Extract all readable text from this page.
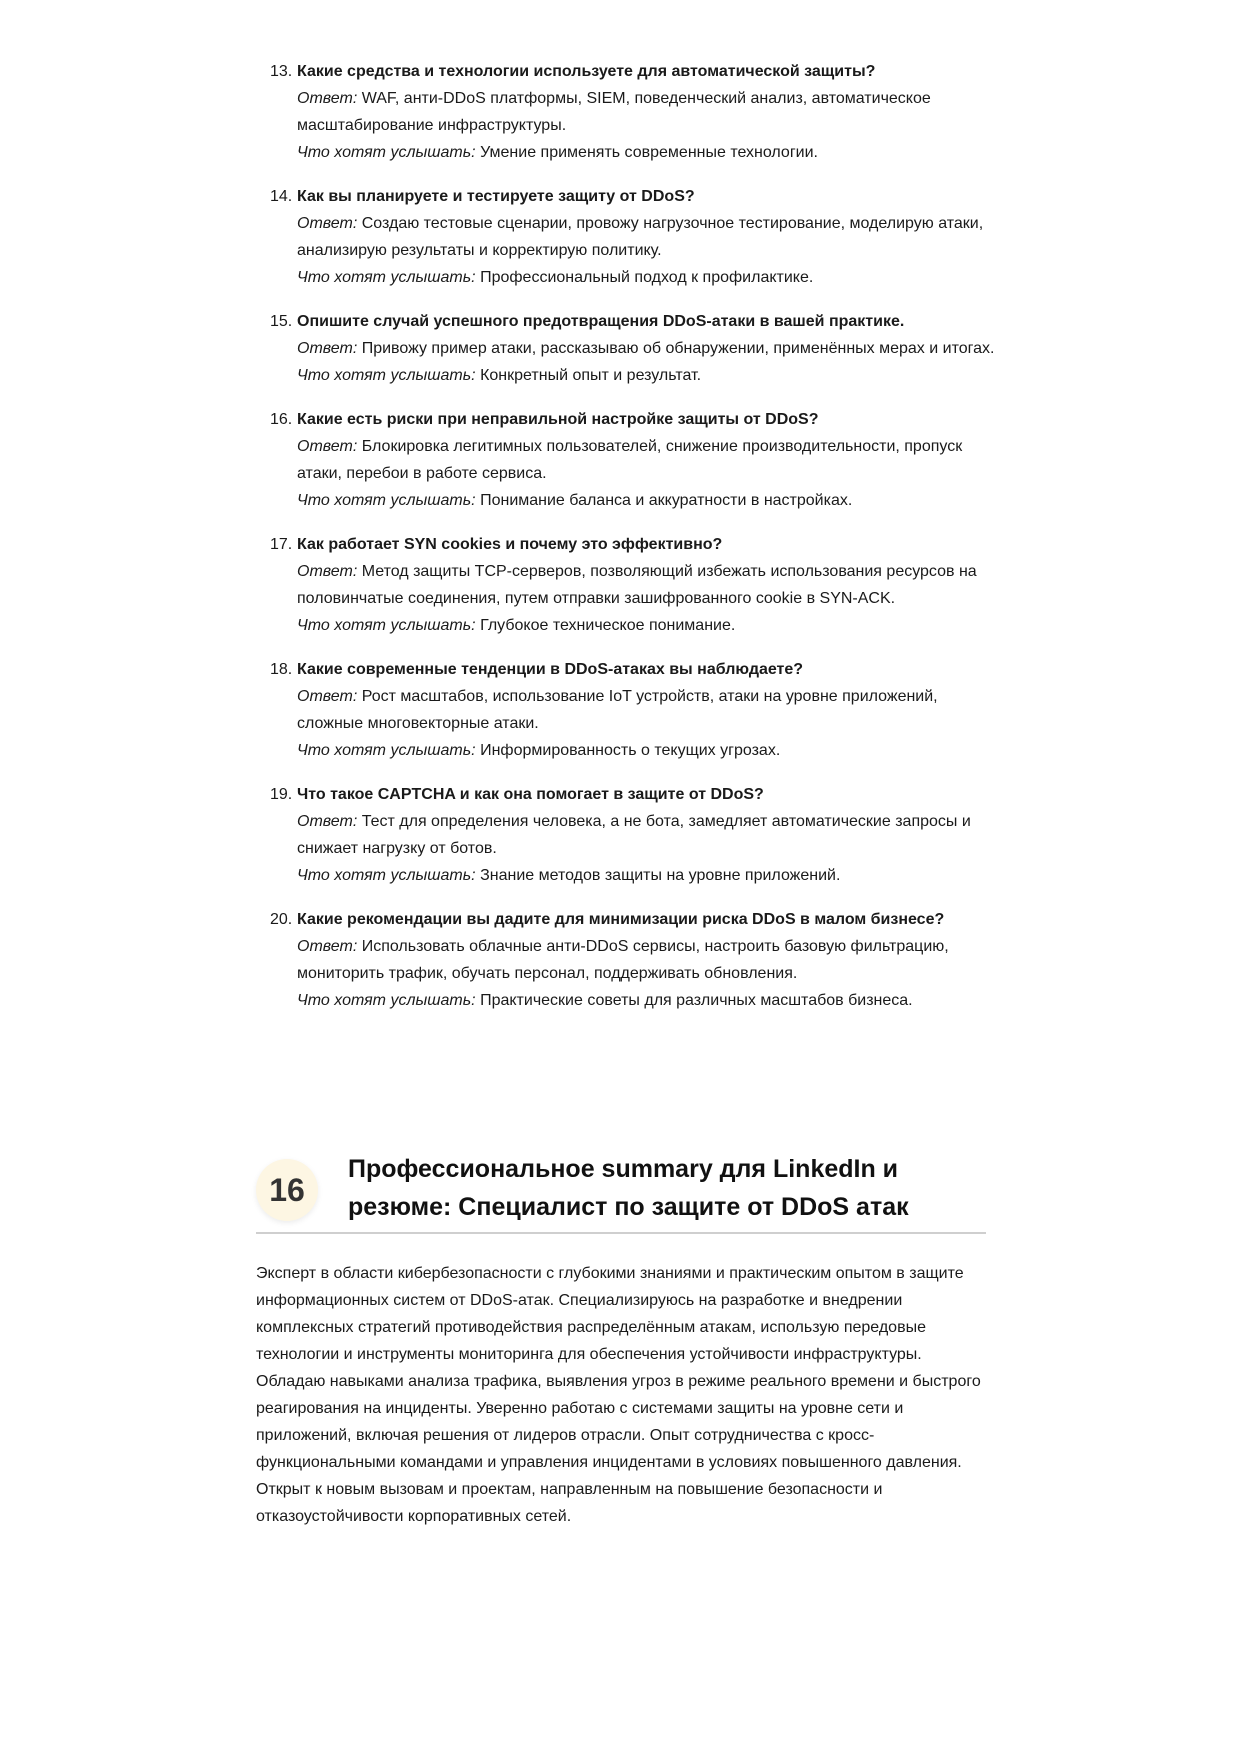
13. Какие средства и технологии используете для автоматической защиты?
Ответ: WAF, анти-DDoS платформы, SIEM, поведенческий анализ, автоматическое масштабирование инфраструктуры.
Что хотят услышать: Умение применять современные технологии.
14. Как вы планируете и тестируете защиту от DDoS?
Ответ: Создаю тестовые сценарии, провожу нагрузочное тестирование, моделирую атаки, анализирую результаты и корректирую политику.
Что хотят услышать: Профессиональный подход к профилактике.
15. Опишите случай успешного предотвращения DDoS-атаки в вашей практике.
Ответ: Привожу пример атаки, рассказываю об обнаружении, применённых мерах и итогах.
Что хотят услышать: Конкретный опыт и результат.
16. Какие есть риски при неправильной настройке защиты от DDoS?
Ответ: Блокировка легитимных пользователей, снижение производительности, пропуск атаки, перебои в работе сервиса.
Что хотят услышать: Понимание баланса и аккуратности в настройках.
17. Как работает SYN cookies и почему это эффективно?
Ответ: Метод защиты TCP-серверов, позволяющий избежать использования ресурсов на половинчатые соединения, путем отправки зашифрованного cookie в SYN-ACK.
Что хотят услышать: Глубокое техническое понимание.
18. Какие современные тенденции в DDoS-атаках вы наблюдаете?
Ответ: Рост масштабов, использование IoT устройств, атаки на уровне приложений, сложные многовекторные атаки.
Что хотят услышать: Информированность о текущих угрозах.
19. Что такое CAPTCHA и как она помогает в защите от DDoS?
Ответ: Тест для определения человека, а не бота, замедляет автоматические запросы и снижает нагрузку от ботов.
Что хотят услышать: Знание методов защиты на уровне приложений.
20. Какие рекомендации вы дадите для минимизации риска DDoS в малом бизнесе?
Ответ: Использовать облачные анти-DDoS сервисы, настроить базовую фильтрацию, мониторить трафик, обучать персонал, поддерживать обновления.
Что хотят услышать: Практические советы для различных масштабов бизнеса.
16
Профессиональное summary для LinkedIn и резюме: Специалист по защите от DDoS атак

Эксперт в области кибербезопасности с глубокими знаниями и практическим опытом в защите информационных систем от DDoS-атак. Специализируюсь на разработке и внедрении комплексных стратегий противодействия распределённым атакам, использую передовые технологии и инструменты мониторинга для обеспечения устойчивости инфраструктуры. Обладаю навыками анализа трафика, выявления угроз в режиме реального времени и быстрого реагирования на инциденты. Уверенно работаю с системами защиты на уровне сети и приложений, включая решения от лидеров отрасли. Опыт сотрудничества с кросс-функциональными командами и управления инцидентами в условиях повышенного давления. Открыт к новым вызовам и проектам, направленным на повышение безопасности и отказоустойчивости корпоративных сетей.
